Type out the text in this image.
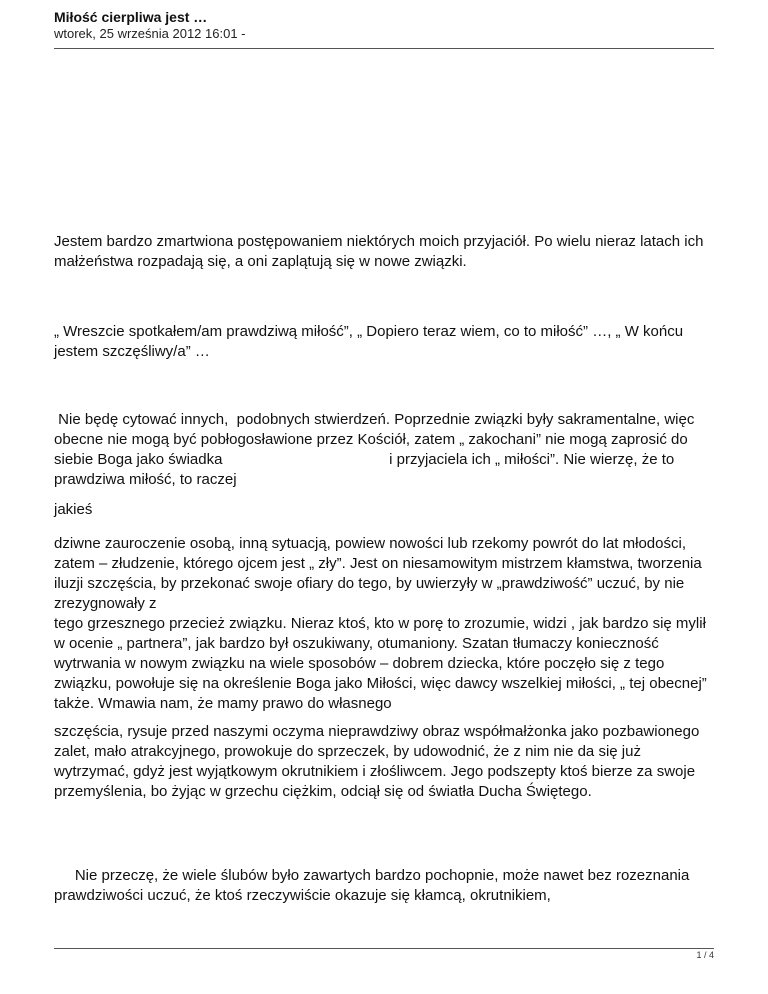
Miłość cierpliwa jest …
wtorek, 25 września 2012 16:01 -

Jestem bardzo zmartwiona postępowaniem niektórych moich przyjaciół. Po wielu nieraz latach ich małżeństwa rozpadają się, a oni zaplątują się w nowe związki.

„ Wreszcie spotkałem/am prawdziwą miłość”, „ Dopiero teraz wiem, co to miłość” …, „ W końcu jestem szczęśliwy/a” …

Nie będę cytować innych,  podobnych stwierdzeń. Poprzednie związki były sakramentalne, więc obecne nie mogą być pobłogosławione przez Kościół, zatem „ zakochani” nie mogą zaprosić do siebie Boga jako świadka                                        i przyjaciela ich „ miłości”. Nie wierzę, że to prawdziwa miłość, to raczej

jakieś

dziwne zauroczenie osobą, inną sytuacją, powiew nowości lub rzekomy powrót do lat młodości, zatem – złudzenie, którego ojcem jest „ zły”. Jest on niesamowitym mistrzem kłamstwa, tworzenia iluzji szczęścia, by przekonać swoje ofiary do tego, by uwierzyły w „prawdziwość” uczuć, by nie zrezygnowały z

tego grzesznego przecież związku. Nieraz ktoś, kto w porę to zrozumie, widzi , jak bardzo się mylił w ocenie „ partnera”, jak bardzo był oszukiwany, otumaniony. Szatan tłumaczy konieczność wytrwania w nowym związku na wiele sposobów – dobrem dziecka, które poczęło się z tego związku, powołuje się na określenie Boga jako Miłości, więc dawcy wszelkiej miłości, „ tej obecnej” także. Wmawia nam, że mamy prawo do własnego

szczęścia, rysuje przed naszymi oczyma nieprawdziwy obraz współmałżonka jako pozbawionego zalet, mało atrakcyjnego, prowokuje do sprzeczek, by udowodnić, że z nim nie da się już wytrzymać, gdyż jest wyjątkowym okrutnikiem i złośliwcem. Jego podszepty ktoś bierze za swoje przemyślenia, bo żyjąc w grzechu ciężkim, odciął się od światła Ducha Świętego.

Nie przeczę, że wiele ślubów było zawartych bardzo pochopnie, może nawet bez rozeznania prawdziwości uczuć, że ktoś rzeczywiście okazuje się kłamcą, okrutnikiem,

1 / 4
